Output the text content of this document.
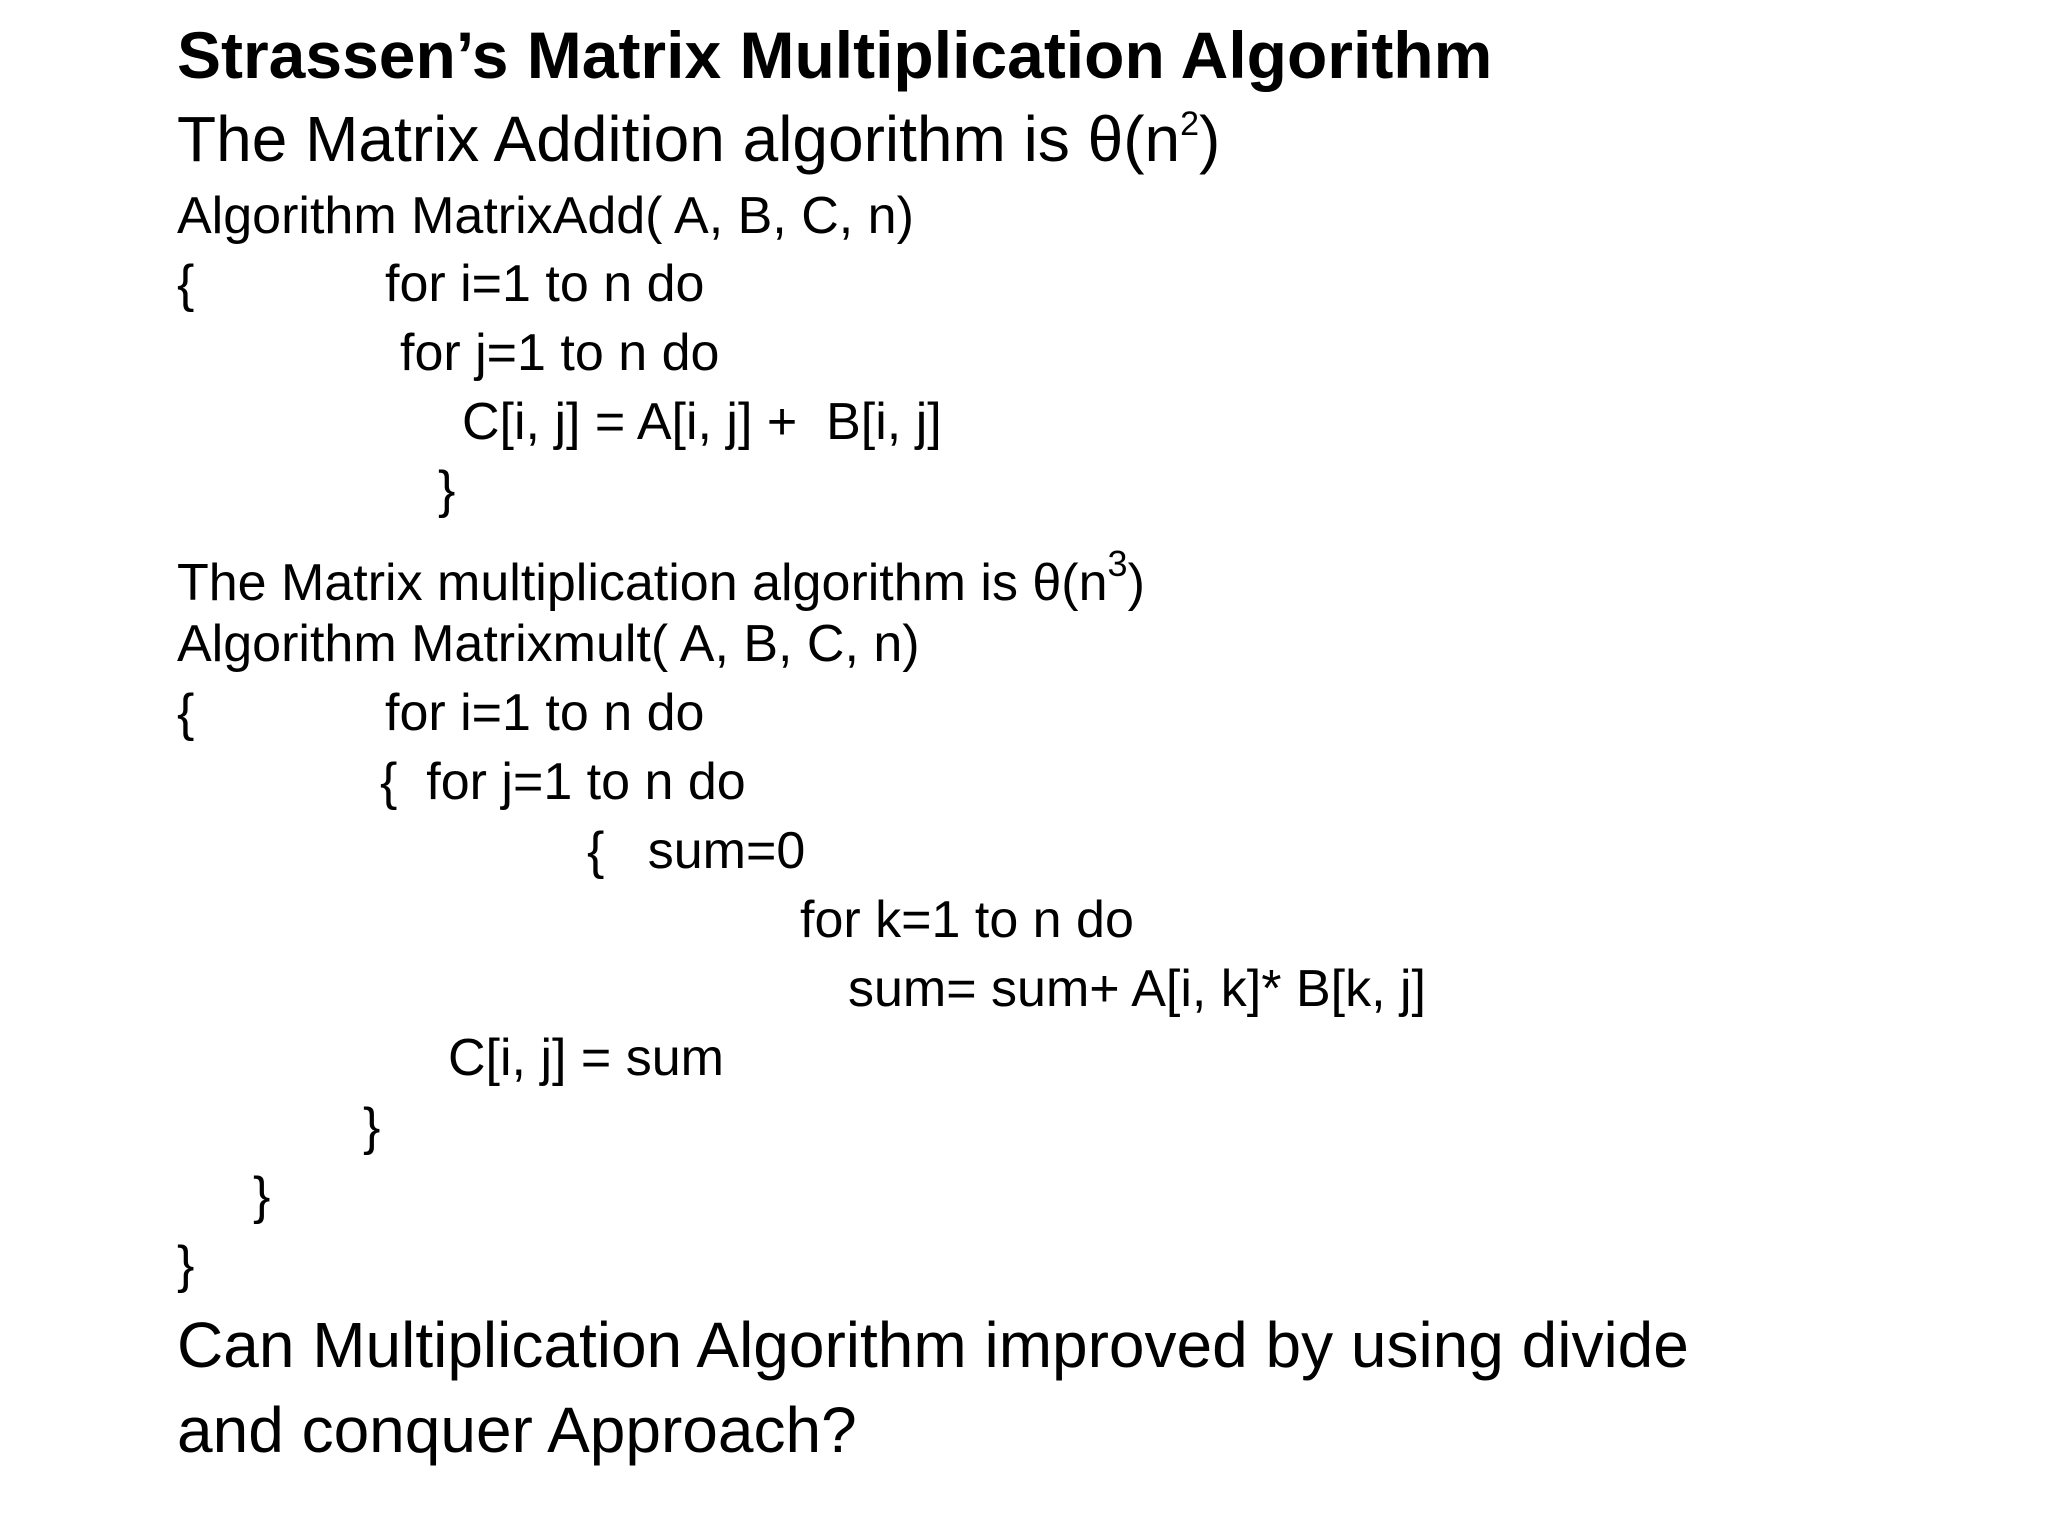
Strassen’s Matrix Multiplication Algorithm
The Matrix Addition algorithm is $\theta(n^2)$
Algorithm MatrixAdd( A, B, C, n)
{	for i=1 to n do
for j=1 to n do
C[i, j] = A[i, j] +  B[i, j]
}
The Matrix multiplication algorithm is $\theta(n^3)$
Algorithm Matrixmult( A, B, C, n)
{	for i=1 to n do
{  for j=1 to n do
{   sum=0
for k=1 to n do
sum= sum+ A[i, k]* B[k, j]
C[i, j] = sum
}
}
}
Can Multiplication Algorithm improved by using divide
and conquer Approach?
